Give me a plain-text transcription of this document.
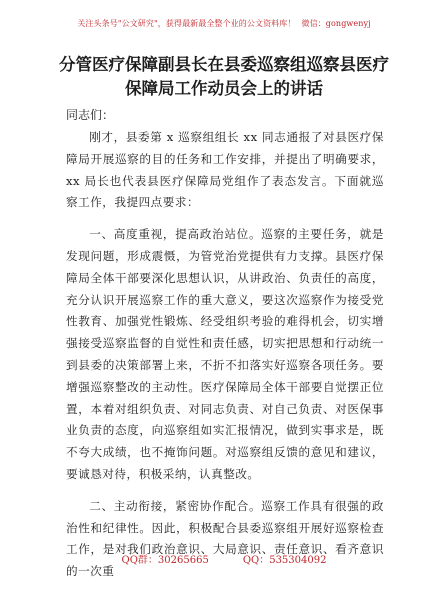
关注头条号"公文研究"，获得最新最全整个业的公文资料库！ 微信：gongwenyj
分管医疗保障副县长在县委巡察组巡察县医疗
保障局工作动员会上的讲话
同志们：

刚才，县委第 x 巡察组组长 xx 同志通报了对县医疗保障局开展巡察的目的任务和工作安排，并提出了明确要求，xx 局长也代表县医疗保障局党组作了表态发言。下面就巡察工作，我提四点要求：

一、高度重视，提高政治站位。巡察的主要任务，就是发现问题，形成震慑，为管党治党提供有力支撑。县医疗保障局全体干部要深化思想认识，从讲政治、负责任的高度，充分认识开展巡察工作的重大意义，要这次巡察作为接受党性教育、加强党性锻炼、经受组织考验的难得机会，切实增强接受巡察监督的自觉性和责任感，切实把思想和行动统一到县委的决策部署上来，不折不扣落实好巡察各项任务。要增强巡察整改的主动性。医疗保障局全体干部要自觉摆正位置，本着对组织负责、对同志负责、对自己负责、对医保事业负责的态度，向巡察组如实汇报情况，做到实事求是，既不夸大成绩，也不掩饰问题。对巡察组反馈的意见和建议，要诚恳对待，积极采纳，认真整改。

二、主动衔接，紧密协作配合。巡察工作具有很强的政治性和纪律性。因此，积极配合县委巡察组开展好巡察检查工作，是对我们政治意识、大局意识、责任意识、看齐意识的一次重

QQ群：30265665	QQ：535304092
